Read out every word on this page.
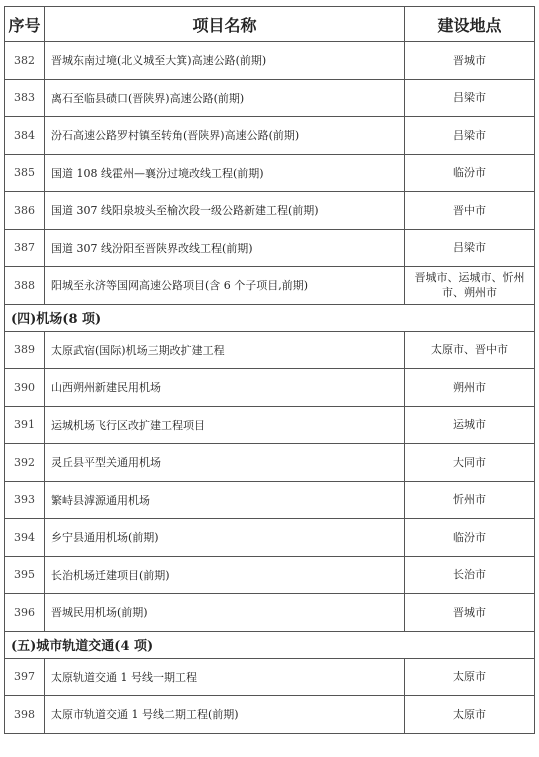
序号	项目名称	建设地点
382	晋城东南过境(北义城至大箕)高速公路(前期)	晋城市
383	离石至临县碛口(晋陕界)高速公路(前期)	吕梁市
384	汾石高速公路罗村镇至转角(晋陕界)高速公路(前期)	吕梁市
385	国道 108 线霍州—襄汾过境改线工程(前期)	临汾市
386	国道 307 线阳泉坡头至榆次段一级公路新建工程(前期)	晋中市
387	国道 307 线汾阳至晋陕界改线工程(前期)	吕梁市
388	阳城至永济等国网高速公路项目(含 6 个子项目,前期)	晋城市、运城市、忻州市、朔州市
(四)机场(8 项)		
389	太原武宿(国际)机场三期改扩建工程	太原市、晋中市
390	山西朔州新建民用机场	朔州市
391	运城机场飞行区改扩建工程项目	运城市
392	灵丘县平型关通用机场	大同市
393	繁峙县滹源通用机场	忻州市
394	乡宁县通用机场(前期)	临汾市
395	长治机场迁建项目(前期)	长治市
396	晋城民用机场(前期)	晋城市
(五)城市轨道交通(4 项)		
397	太原轨道交通 1 号线一期工程	太原市
398	太原市轨道交通 1 号线二期工程(前期)	太原市
